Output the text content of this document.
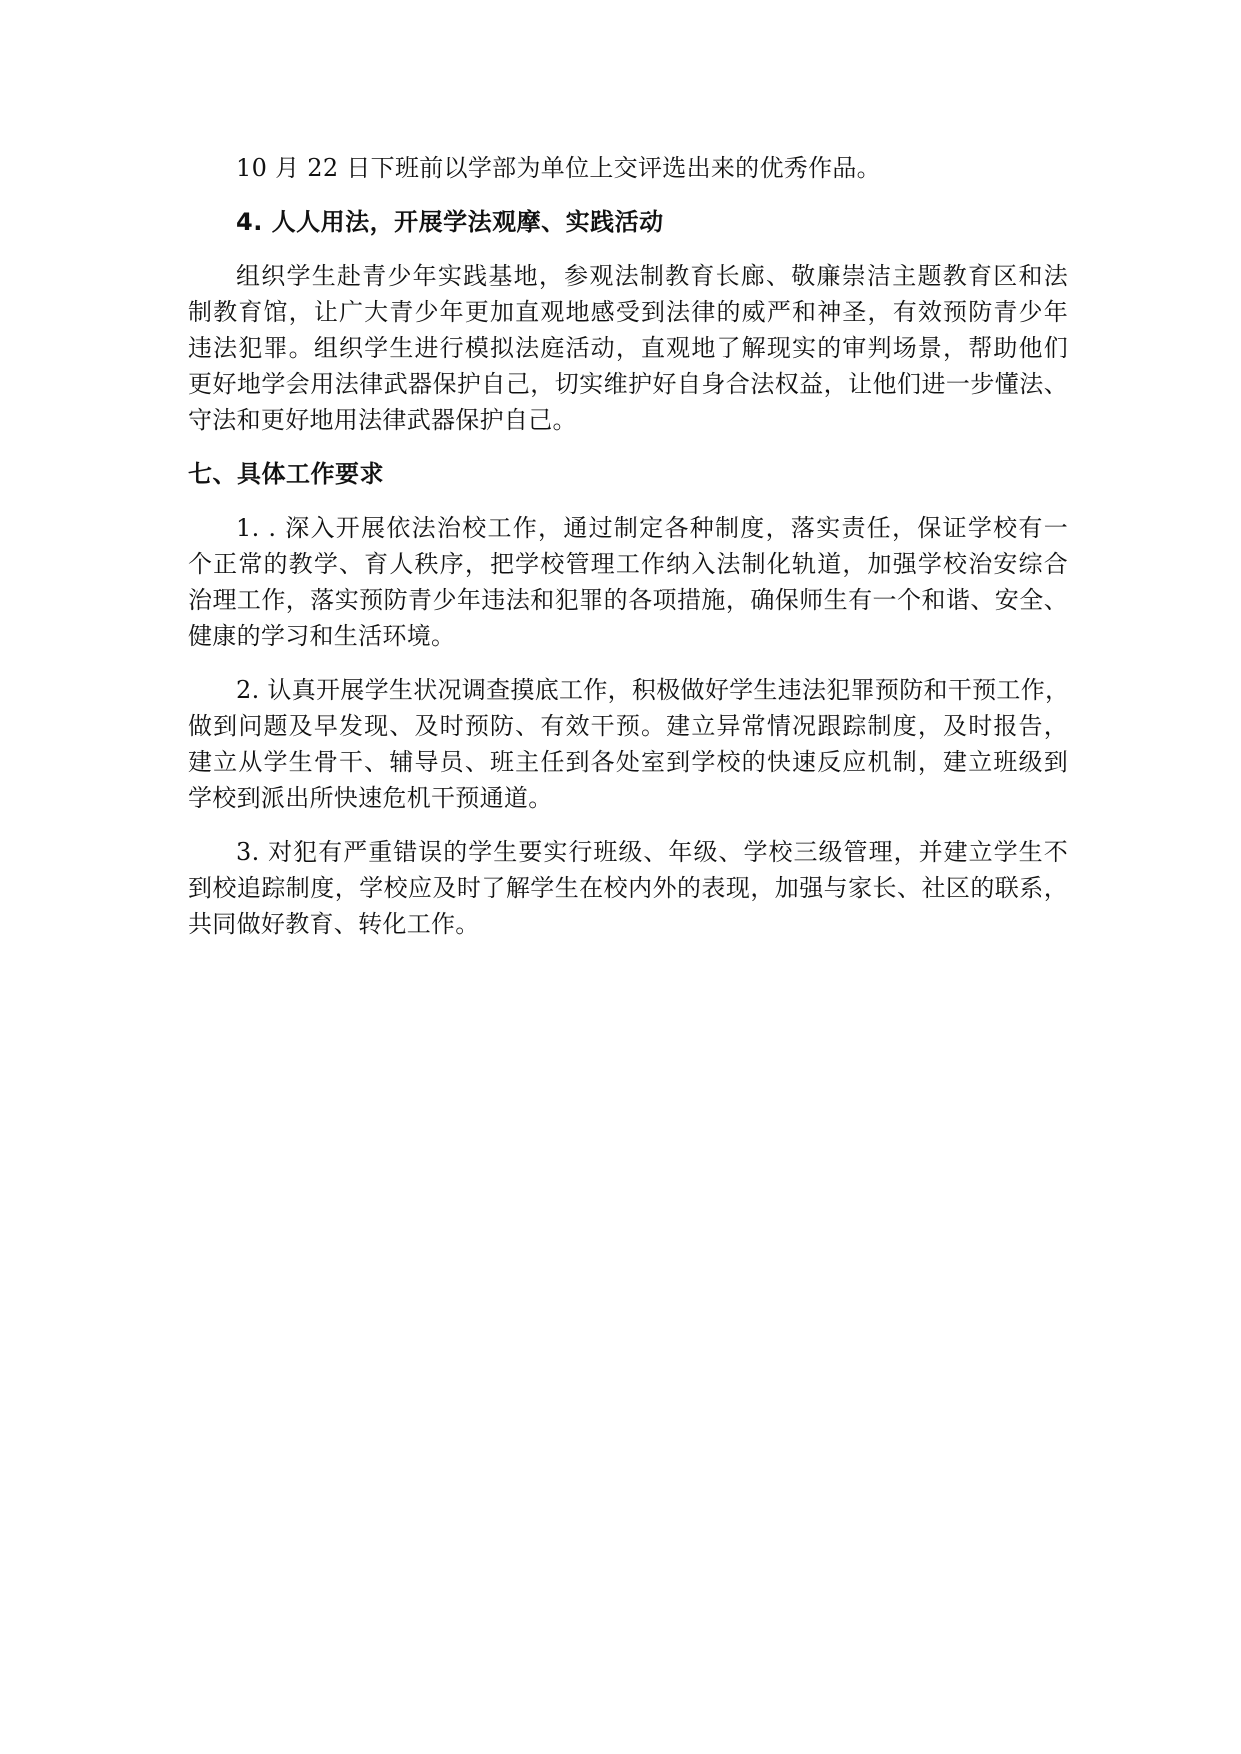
10 月 22 日下班前以学部为单位上交评选出来的优秀作品。

4. 人人用法，开展学法观摩、实践活动

组织学生赴青少年实践基地，参观法制教育长廊、敬廉崇洁主题教育区和法

制教育馆，让广大青少年更加直观地感受到法律的威严和神圣，有效预防青少年

违法犯罪。组织学生进行模拟法庭活动，直观地了解现实的审判场景，帮助他们

更好地学会用法律武器保护自己，切实维护好自身合法权益，让他们进一步懂法、

守法和更好地用法律武器保护自己。

七、具体工作要求

1. . 深入开展依法治校工作，通过制定各种制度，落实责任，保证学校有一

个正常的教学、育人秩序，把学校管理工作纳入法制化轨道，加强学校治安综合

治理工作，落实预防青少年违法和犯罪的各项措施，确保师生有一个和谐、安全、

健康的学习和生活环境。

2. 认真开展学生状况调查摸底工作，积极做好学生违法犯罪预防和干预工作，

做到问题及早发现、及时预防、有效干预。建立异常情况跟踪制度，及时报告，

建立从学生骨干、辅导员、班主任到各处室到学校的快速反应机制，建立班级到

学校到派出所快速危机干预通道。

3. 对犯有严重错误的学生要实行班级、年级、学校三级管理，并建立学生不

到校追踪制度，学校应及时了解学生在校内外的表现，加强与家长、社区的联系，

共同做好教育、转化工作。
